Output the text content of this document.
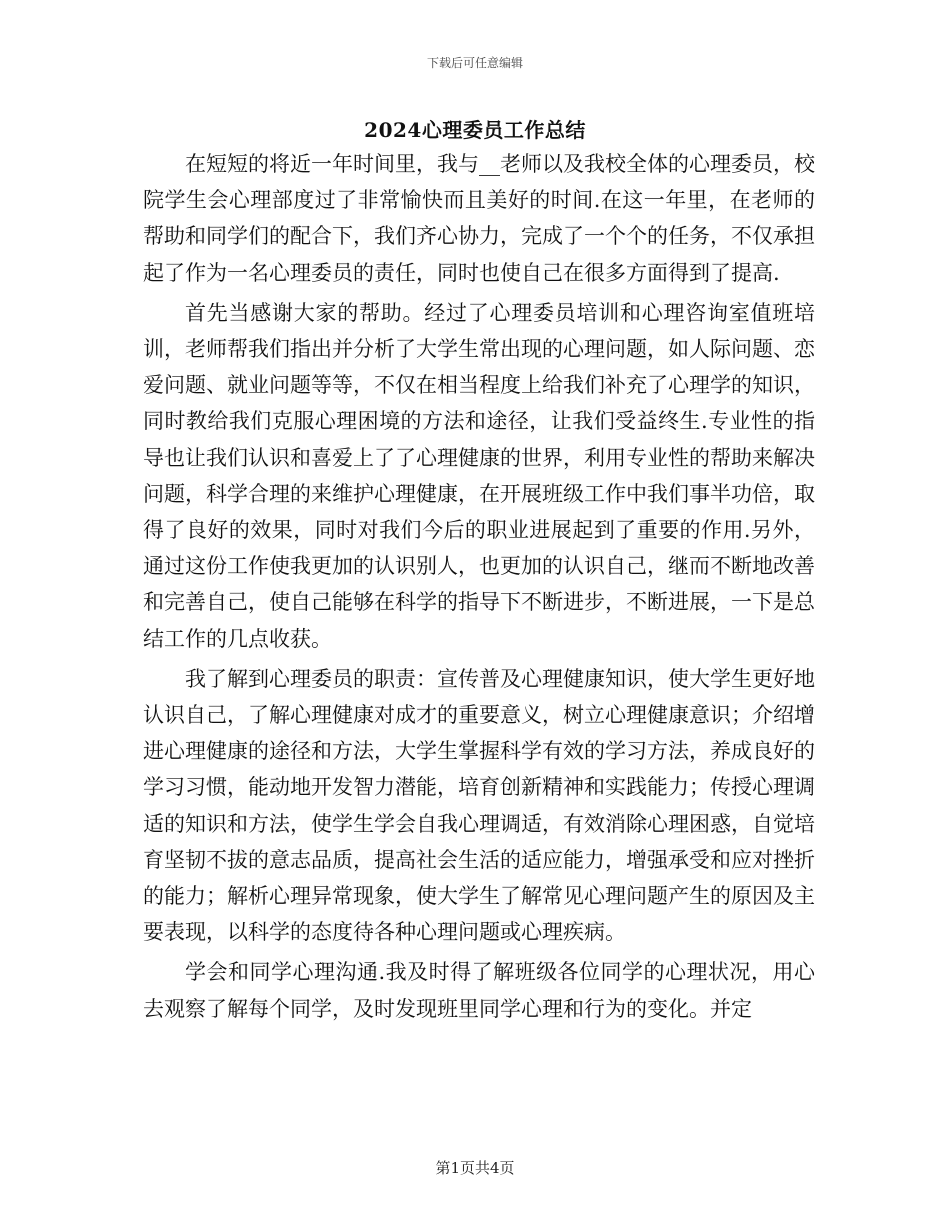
下载后可任意编辑
2024心理委员工作总结

在短短的将近一年时间里，我与__老师以及我校全体的心理委员，校院学生会心理部度过了非常愉快而且美好的时间.在这一年里，在老师的帮助和同学们的配合下，我们齐心协力，完成了一个个的任务，不仅承担起了作为一名心理委员的责任，同时也使自己在很多方面得到了提高.

首先当感谢大家的帮助。经过了心理委员培训和心理咨询室值班培训，老师帮我们指出并分析了大学生常出现的心理问题，如人际问题、恋爱问题、就业问题等等，不仅在相当程度上给我们补充了心理学的知识，同时教给我们克服心理困境的方法和途径，让我们受益终生.专业性的指导也让我们认识和喜爱上了了心理健康的世界，利用专业性的帮助来解决问题，科学合理的来维护心理健康，在开展班级工作中我们事半功倍，取得了良好的效果，同时对我们今后的职业进展起到了重要的作用.另外，通过这份工作使我更加的认识别人，也更加的认识自己，继而不断地改善和完善自己，使自己能够在科学的指导下不断进步，不断进展，一下是总结工作的几点收获。

我了解到心理委员的职责：宣传普及心理健康知识，使大学生更好地认识自己，了解心理健康对成才的重要意义，树立心理健康意识；介绍增进心理健康的途径和方法，大学生掌握科学有效的学习方法，养成良好的学习习惯，能动地开发智力潜能，培育创新精神和实践能力；传授心理调适的知识和方法，使学生学会自我心理调适，有效消除心理困惑，自觉培育坚韧不拔的意志品质，提高社会生活的适应能力，增强承受和应对挫折的能力；解析心理异常现象，使大学生了解常见心理问题产生的原因及主要表现，以科学的态度待各种心理问题或心理疾病。

学会和同学心理沟通.我及时得了解班级各位同学的心理状况，用心去观察了解每个同学，及时发现班里同学心理和行为的变化。并定

第1页共4页
